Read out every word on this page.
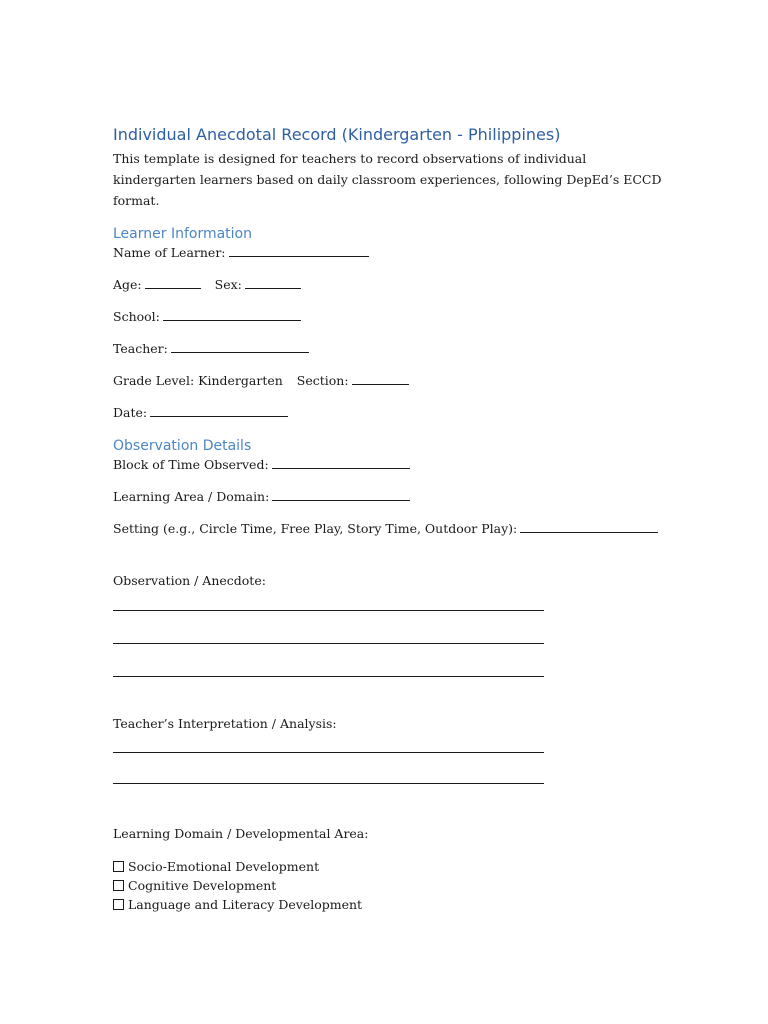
Individual Anecdotal Record (Kindergarten - Philippines)

This template is designed for teachers to record observations of individual kindergarten learners based on daily classroom experiences, following DepEd’s ECCD format.

Learner Information

Name of Learner:

Age:	Sex:

School:

Teacher:

Grade Level: Kindergarten Section:

Date:

Observation Details

Block of Time Observed:

Learning Area / Domain:

Setting (e.g., Circle Time, Free Play, Story Time, Outdoor Play):

Observation / Anecdote:

Teacher’s Interpretation / Analysis:

Learning Domain / Developmental Area:

Socio-Emotional Development

Cognitive Development

Language and Literacy Development
